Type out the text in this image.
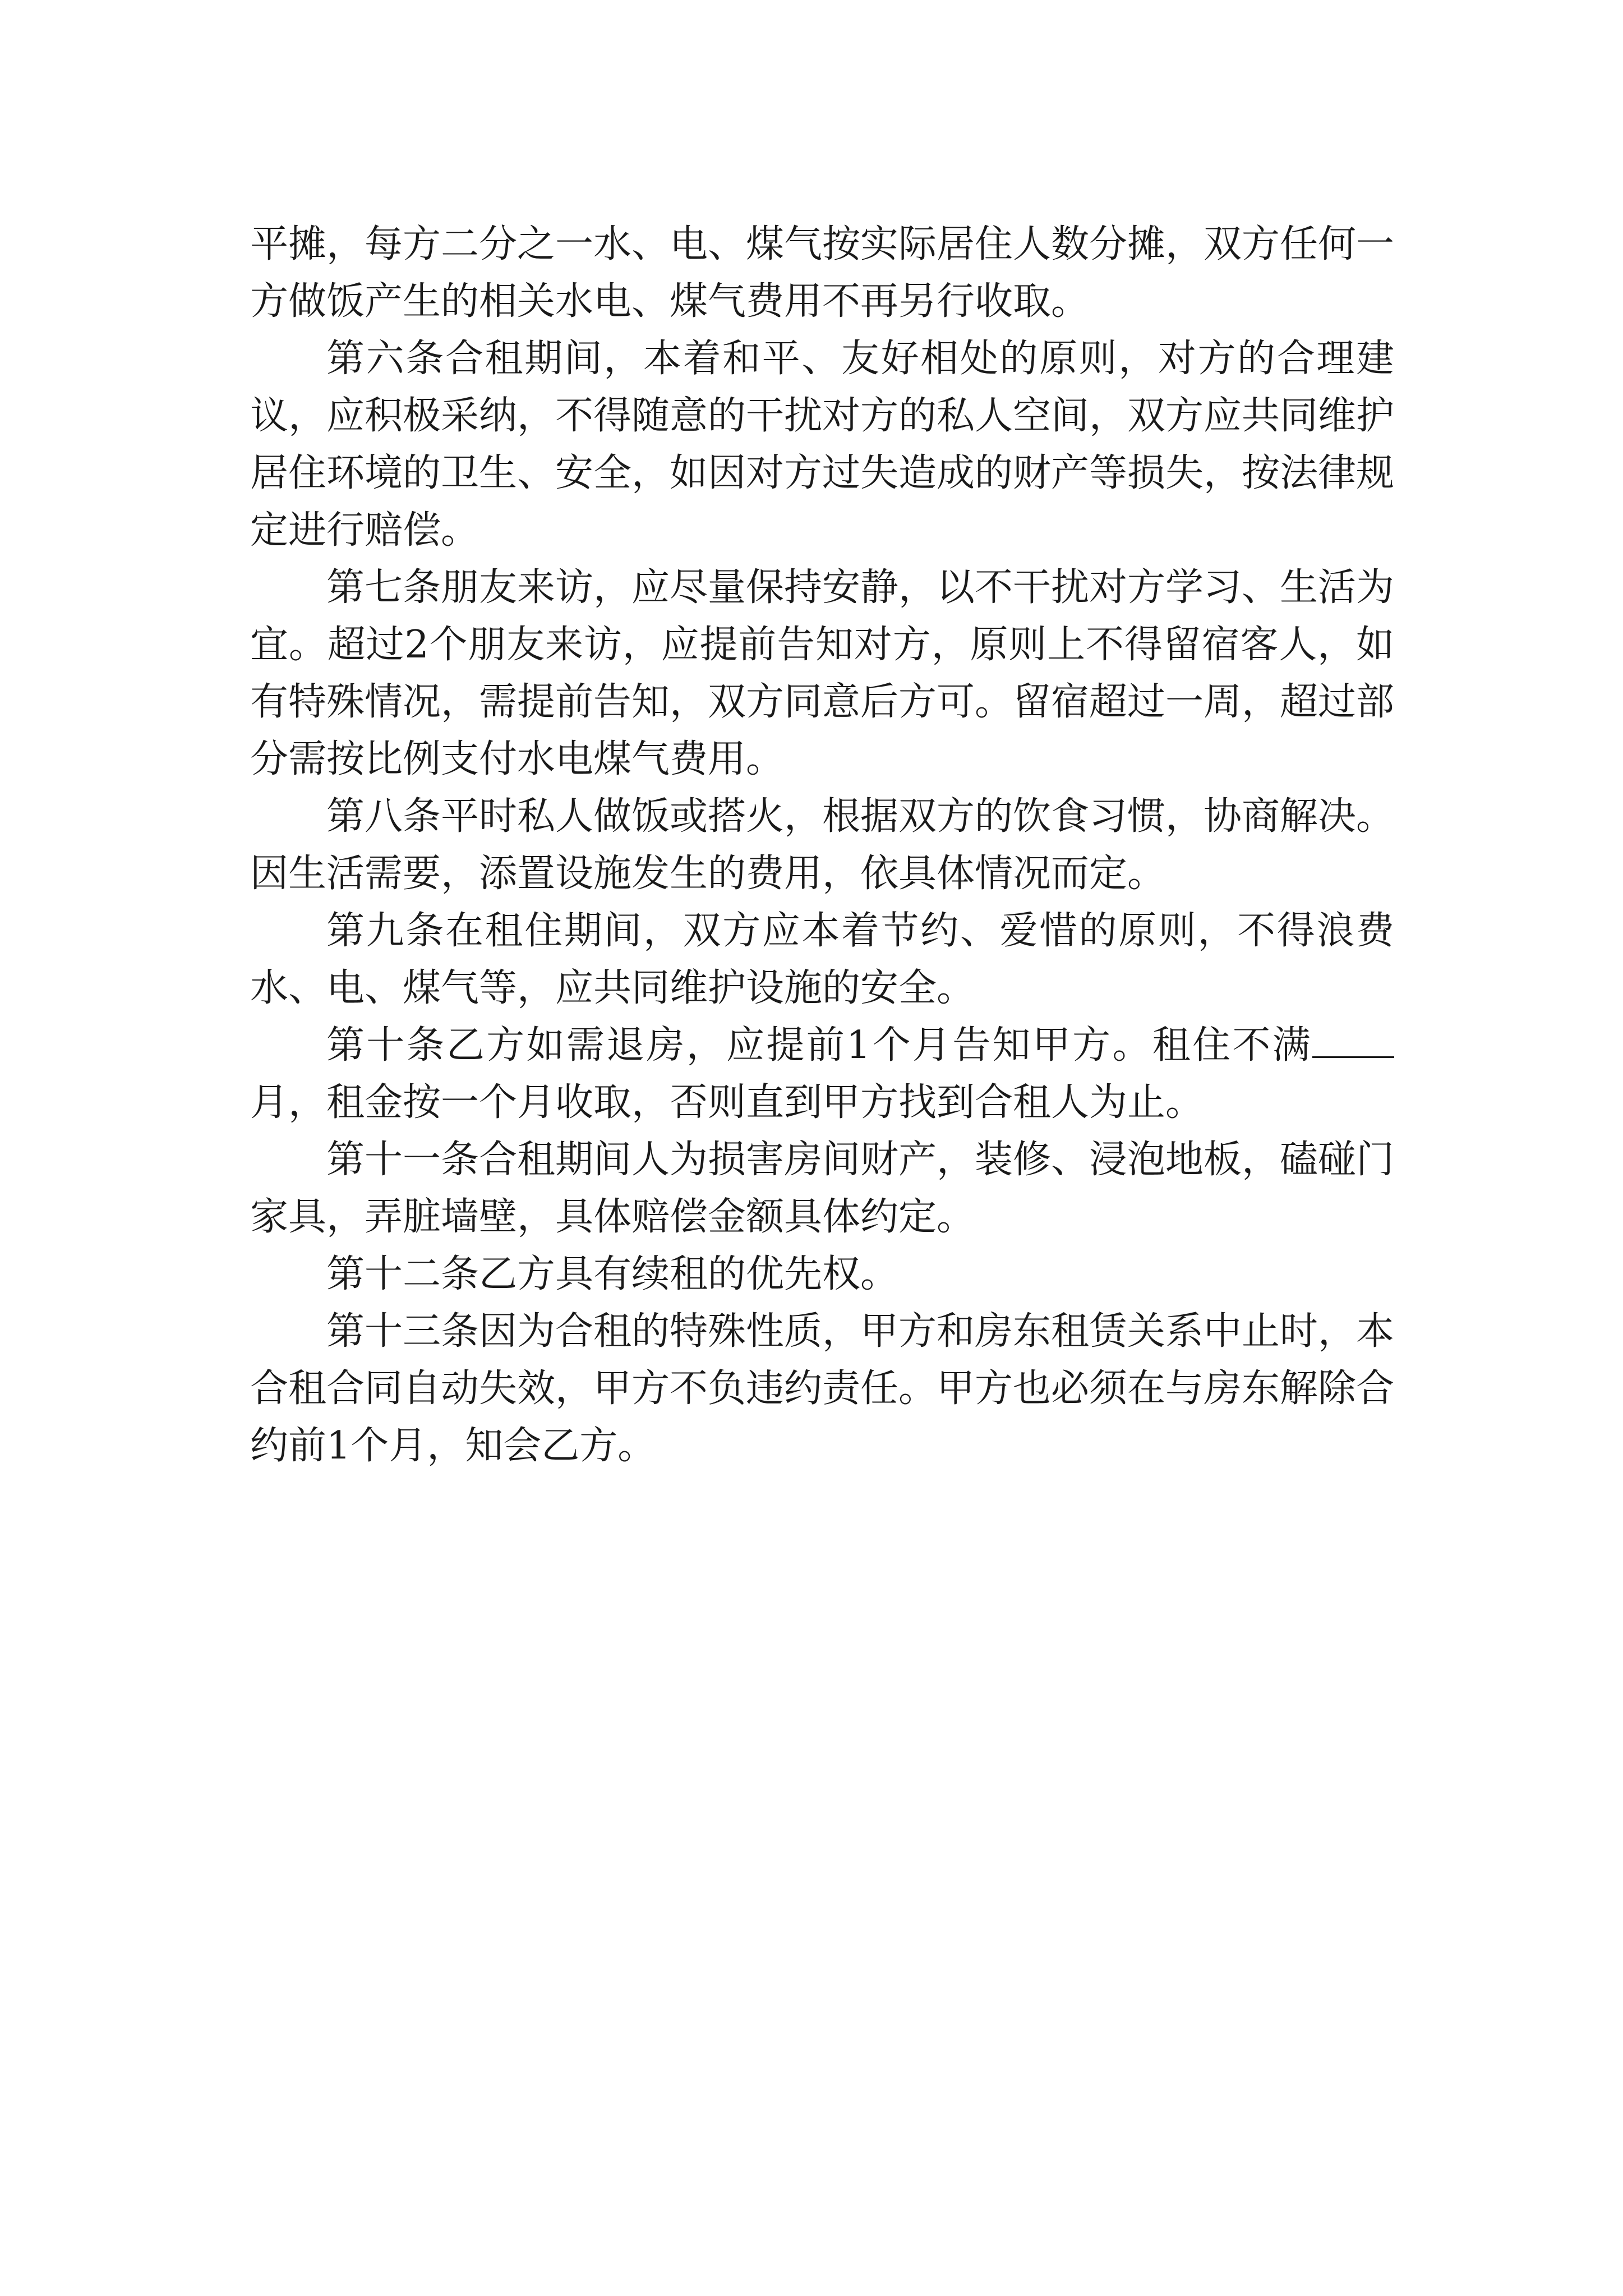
平摊，每方二分之一水、电、煤气按实际居住人数分摊，双方任何一方做饭产生的相关水电、煤气费用不再另行收取。

第六条合租期间，本着和平、友好相处的原则，对方的合理建议，应积极采纳，不得随意的干扰对方的私人空间，双方应共同维护居住环境的卫生、安全，如因对方过失造成的财产等损失，按法律规定进行赔偿。

第七条朋友来访，应尽量保持安静，以不干扰对方学习、生活为宜。超过2个朋友来访，应提前告知对方，原则上不得留宿客人，如有特殊情况，需提前告知，双方同意后方可。留宿超过一周，超过部分需按比例支付水电煤气费用。

第八条平时私人做饭或搭火，根据双方的饮食习惯，协商解决。因生活需要，添置设施发生的费用，依具体情况而定。

第九条在租住期间，双方应本着节约、爱惜的原则，不得浪费水、电、煤气等，应共同维护设施的安全。

第十条乙方如需退房，应提前1个月告知甲方。租住不满月，租金按一个月收取，否则直到甲方找到合租人为止。

第十一条合租期间人为损害房间财产，装修、浸泡地板，磕碰门家具，弄脏墙壁，具体赔偿金额具体约定。

第十二条乙方具有续租的优先权。

第十三条因为合租的特殊性质，甲方和房东租赁关系中止时，本合租合同自动失效，甲方不负违约责任。甲方也必须在与房东解除合约前1个月，知会乙方。
